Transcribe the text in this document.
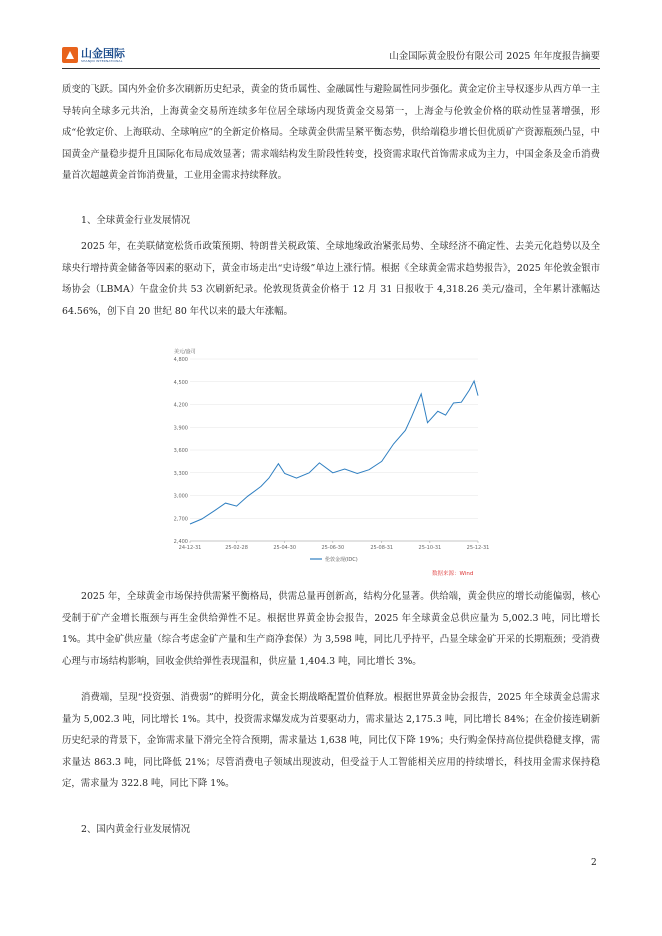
山金国际
SHANJIN INTERNATIONAL	山金国际黄金股份有限公司 2025 年年度报告摘要

质变的飞跃。国内外金价多次刷新历史纪录，黄金的货币属性、金融属性与避险属性同步强化。黄金定价主导权逐步从西方单一主导转向全球多元共治，上海黄金交易所连续多年位居全球场内现货黄金交易第一，上海金与伦敦金价格的联动性显著增强，形成“伦敦定价、上海联动、全球响应”的全新定价格局。全球黄金供需呈紧平衡态势，供给端稳步增长但优质矿产资源瓶颈凸显，中国黄金产量稳步提升且国际化布局成效显著；需求端结构发生阶段性转变，投资需求取代首饰需求成为主力，中国金条及金币消费量首次超越黄金首饰消费量，工业用金需求持续释放。

1、全球黄金行业发展情况

2025 年，在美联储宽松货币政策预期、特朗普关税政策、全球地缘政治紧张局势、全球经济不确定性、去美元化趋势以及全球央行增持黄金储备等因素的驱动下，黄金市场走出“史诗级”单边上涨行情。根据《全球黄金需求趋势报告》，2025 年伦敦金银市场协会（LBMA）午盘金价共 53 次刷新纪录。伦敦现货黄金价格于 12 月 31 日报收于 4,318.26 美元/盎司，全年累计涨幅达 64.56%，创下自 20 世纪 80 年代以来的最大年涨幅。

美元/盎司
2,400
2,700
3,000
3,300
3,600
3,900
4,200
4,500
4,800
24-12-31	25-02-28	25-04-30	25-06-30	25-08-31	25-10-31	25-12-31
伦敦金现(IDC)
数据来源：Wind

2025 年，全球黄金市场保持供需紧平衡格局，供需总量再创新高，结构分化显著。供给端，黄金供应的增长动能偏弱，核心受制于矿产金增长瓶颈与再生金供给弹性不足。根据世界黄金协会报告，2025 年全球黄金总供应量为 5,002.3 吨，同比增长 1%。其中金矿供应量（综合考虑金矿产量和生产商净套保）为 3,598 吨，同比几乎持平，凸显全球金矿开采的长期瓶颈；受消费心理与市场结构影响，回收金供给弹性表现温和，供应量 1,404.3 吨，同比增长 3%。

消费端，呈现“投资强、消费弱”的鲜明分化，黄金长期战略配置价值释放。根据世界黄金协会报告，2025 年全球黄金总需求量为 5,002.3 吨，同比增长 1%。其中，投资需求爆发成为首要驱动力，需求量达 2,175.3 吨，同比增长 84%；在金价接连刷新历史纪录的背景下，金饰需求量下滑完全符合预期，需求量达 1,638 吨，同比仅下降 19%；央行购金保持高位提供稳健支撑，需求量达 863.3 吨，同比降低 21%；尽管消费电子领域出现波动，但受益于人工智能相关应用的持续增长，科技用金需求保持稳定，需求量为 322.8 吨，同比下降 1%。

2、国内黄金行业发展情况
2
